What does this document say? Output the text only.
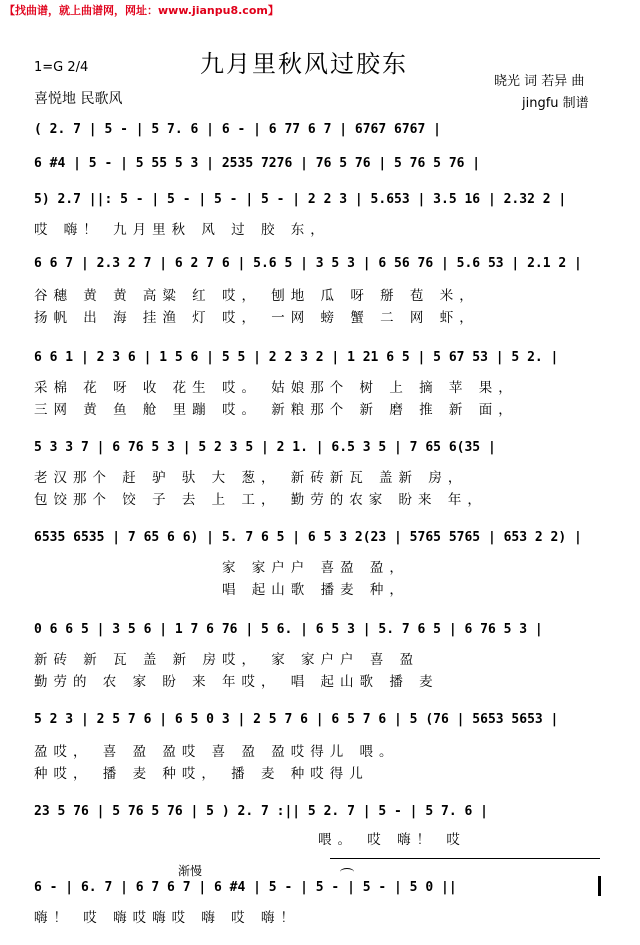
【找曲谱，就上曲谱网，网址：www.jianpu8.com】
九月里秋风过胶东
1=G 2/4
喜悦地 民歌风
晓光 词 若异 曲
jingfu 制谱
( 2. 7 | 5 - | 5 7. 6 | 6 - | 6 77 6 7 | 6767 6767 |
6 #4 | 5 - | 5 55 5 3 | 2535 7276 | 76 5 76 | 5 76 5 76 |
5) 2.7 ||: 5 - | 5 - | 5 - | 5 - | 2 2 3 | 5.653 | 3.5 16 | 2.32 2 |
哎 嗨！ 九月里秋 风 过 胶 东，
6 6 7 | 2.3 2 7 | 6 2 7 6 | 5.6 5 | 3 5 3 | 6 56 76 | 5.6 53 | 2.1 2 |
谷穗 黄 黄 高粱 红 哎， 刨地 瓜 呀 掰 苞 米，
扬帆 出 海 挂渔 灯 哎， 一网 螃 蟹 二 网 虾，
6 6 1 | 2 3 6 | 1 5 6 | 5 5 | 2 2 3 2 | 1 21 6 5 | 5 67 53 | 5 2. |
采棉 花 呀 收 花生 哎。 姑娘那个 树 上 摘 苹 果，
三网 黄 鱼 舱 里蹦 哎。 新粮那个 新 磨 推 新 面，
5 3 3 7 | 6 76 5 3 | 5 2 3 5 | 2 1. | 6.5 3 5 | 7 65 6(35 |
老汉那个 赶 驴 驮 大 葱， 新砖新瓦 盖新 房，
包饺那个 饺 子 去 上 工， 勤劳的农家 盼来 年，
6535 6535 | 7 65 6 6) | 5. 7 6 5 | 6 5 3 2(23 | 5765 5765 | 653 2 2) |
家 家户户 喜盈 盈，
唱 起山歌 播麦 种，
0 6 6 5 | 3 5 6 | 1 7 6 76 | 5 6. | 6 5 3 | 5. 7 6 5 | 6 76 5 3 |
新砖 新 瓦 盖 新 房哎， 家 家户户 喜 盈
勤劳的 农 家 盼 来 年哎， 唱 起山歌 播 麦
5 2 3 | 2 5 7 6 | 6 5 0 3 | 2 5 7 6 | 6 5 7 6 | 5 (76 | 5653 5653 |
盈哎， 喜 盈 盈哎 喜 盈 盈哎得儿 喂。
种哎， 播 麦 种哎， 播 麦 种哎得儿
23 5 76 | 5 76 5 76 | 5 ) 2. 7 :|| 5 2. 7 | 5 - | 5 7. 6 |
喂。 哎 嗨！ 哎
渐慢
6 - | 6. 7 | 6 7 6 7 | 6 #4 | 5 - | 5 - | 5 - | 5 0 ||
嗨！ 哎 嗨哎嗨哎 嗨 哎 嗨！
